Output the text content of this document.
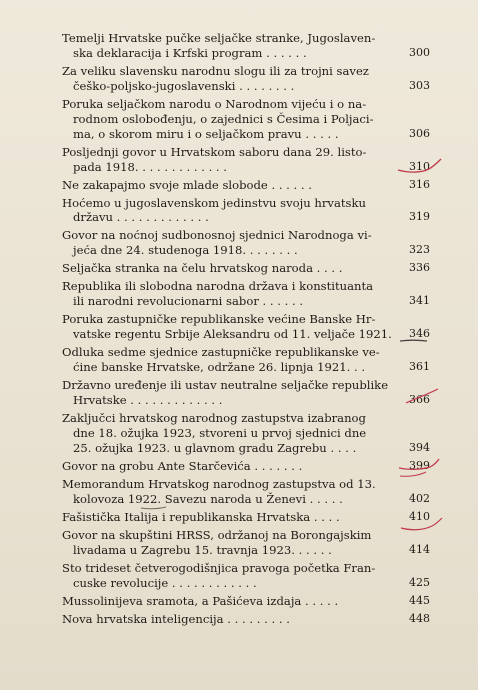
Temelji Hrvatske pučke seljačke stranke, Jugoslaven-
ska deklaracija i Krfski program . . . . . .	300
Za veliku slavensku narodnu slogu ili za trojni savez
češko-poljsko-jugoslavenski . . . . . . . .	303
Poruka seljačkom narodu o Narodnom vijeću i o na-
rodnom oslobođenju, o zajednici s Česima i Poljaci-
ma, o skorom miru i o seljačkom pravu . . . . .	306
Posljednji govor u Hrvatskom saboru dana 29. listo-
pada 1918. . . . . . . . . . . . .	310
Ne zakapajmo svoje mlade slobode . . . . . .	316
Hoćemo u jugoslavenskom jedinstvu svoju hrvatsku
državu . . . . . . . . . . . . .	319
Govor na noćnoj sudbonosnoj sjednici Narodnoga vi-
jeća dne 24. studenoga 1918. . . . . . . .	323
Seljačka stranka na čelu hrvatskog naroda . . . .	336
Republika ili slobodna narodna država i konstituanta
ili narodni revolucionarni sabor . . . . . .	341
Poruka zastupničke republikanske većine Banske Hr-
vatske regentu Srbije Aleksandru od 11. veljače 1921.	346
Odluka sedme sjednice zastupničke republikanske ve-
ćine banske Hrvatske, održane 26. lipnja 1921. . .	361
Državno uređenje ili ustav neutralne seljačke republike
Hrvatske . . . . . . . . . . . . .	366
Zaključci hrvatskog narodnog zastupstva izabranog
dne 18. ožujka 1923, stvoreni u prvoj sjednici dne
25. ožujka 1923. u glavnom gradu Zagrebu . . . .	394
Govor na grobu Ante Starčevića . . . . . . .	399
Memorandum Hrvatskog narodnog zastupstva od 13.
kolovoza 1922. Savezu naroda u Ženevi . . . . .	402
Fašistička Italija i republikanska Hrvatska . . . .	410
Govor na skupštini HRSS, održanoj na Borongajskim
livadama u Zagrebu 15. travnja 1923. . . . . .	414
Sto trideset četverogodišnjica pravoga početka Fran-
cuske revolucije . . . . . . . . . . . .	425
Mussolinijeva sramota, a Pašićeva izdaja . . . . .	445
Nova hrvatska inteligencija . . . . . . . . .	448
